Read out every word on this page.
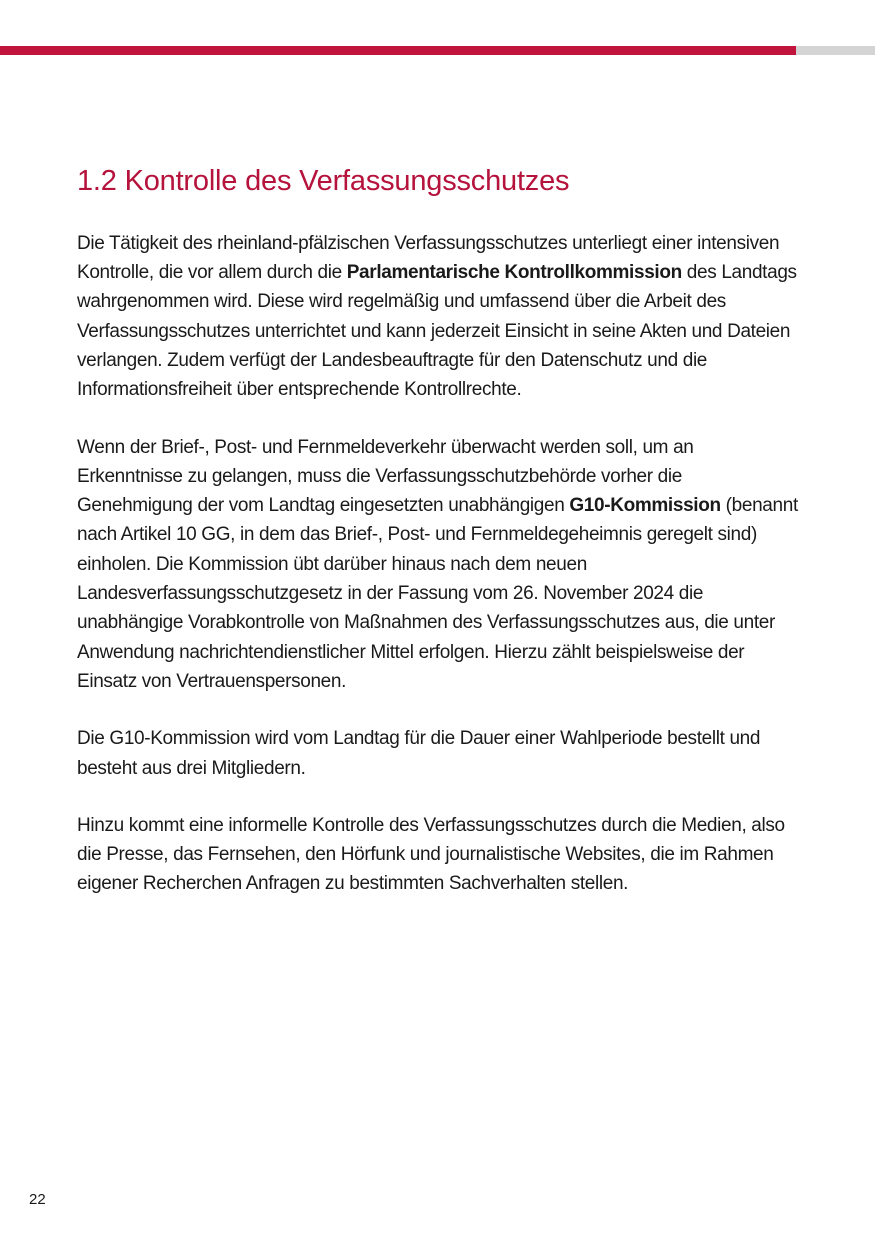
1.2 Kontrolle des Verfassungsschutzes

Die Tätigkeit des rheinland-pfälzischen Verfassungsschutzes unterliegt einer intensiven Kontrolle, die vor allem durch die Parlamentarische Kontrollkommission des Landtags wahrgenommen wird. Diese wird regelmäßig und umfassend über die Arbeit des Verfassungsschutzes unterrichtet und kann jederzeit Einsicht in seine Akten und Dateien verlangen. Zudem verfügt der Landesbeauftragte für den Datenschutz und die Informationsfreiheit über entsprechende Kontrollrechte.

Wenn der Brief-, Post- und Fernmeldeverkehr überwacht werden soll, um an Erkenntnisse zu gelangen, muss die Verfassungsschutzbehörde vorher die Genehmigung der vom Landtag eingesetzten unabhängigen G10-Kommission (benannt nach Artikel 10 GG, in dem das Brief-, Post- und Fernmeldegeheimnis geregelt sind) einholen. Die Kommission übt darüber hinaus nach dem neuen Landesverfassungsschutzgesetz in der Fassung vom 26. November 2024 die unabhängige Vorabkontrolle von Maßnahmen des Verfassungsschutzes aus, die unter Anwendung nachrichtendienstlicher Mittel erfolgen. Hierzu zählt beispielsweise der Einsatz von Vertrauenspersonen.

Die G10-Kommission wird vom Landtag für die Dauer einer Wahlperiode bestellt und besteht aus drei Mitgliedern.

Hinzu kommt eine informelle Kontrolle des Verfassungsschutzes durch die Medien, also die Presse, das Fernsehen, den Hörfunk und journalistische Websites, die im Rahmen eigener Recherchen Anfragen zu bestimmten Sachverhalten stellen.

22
